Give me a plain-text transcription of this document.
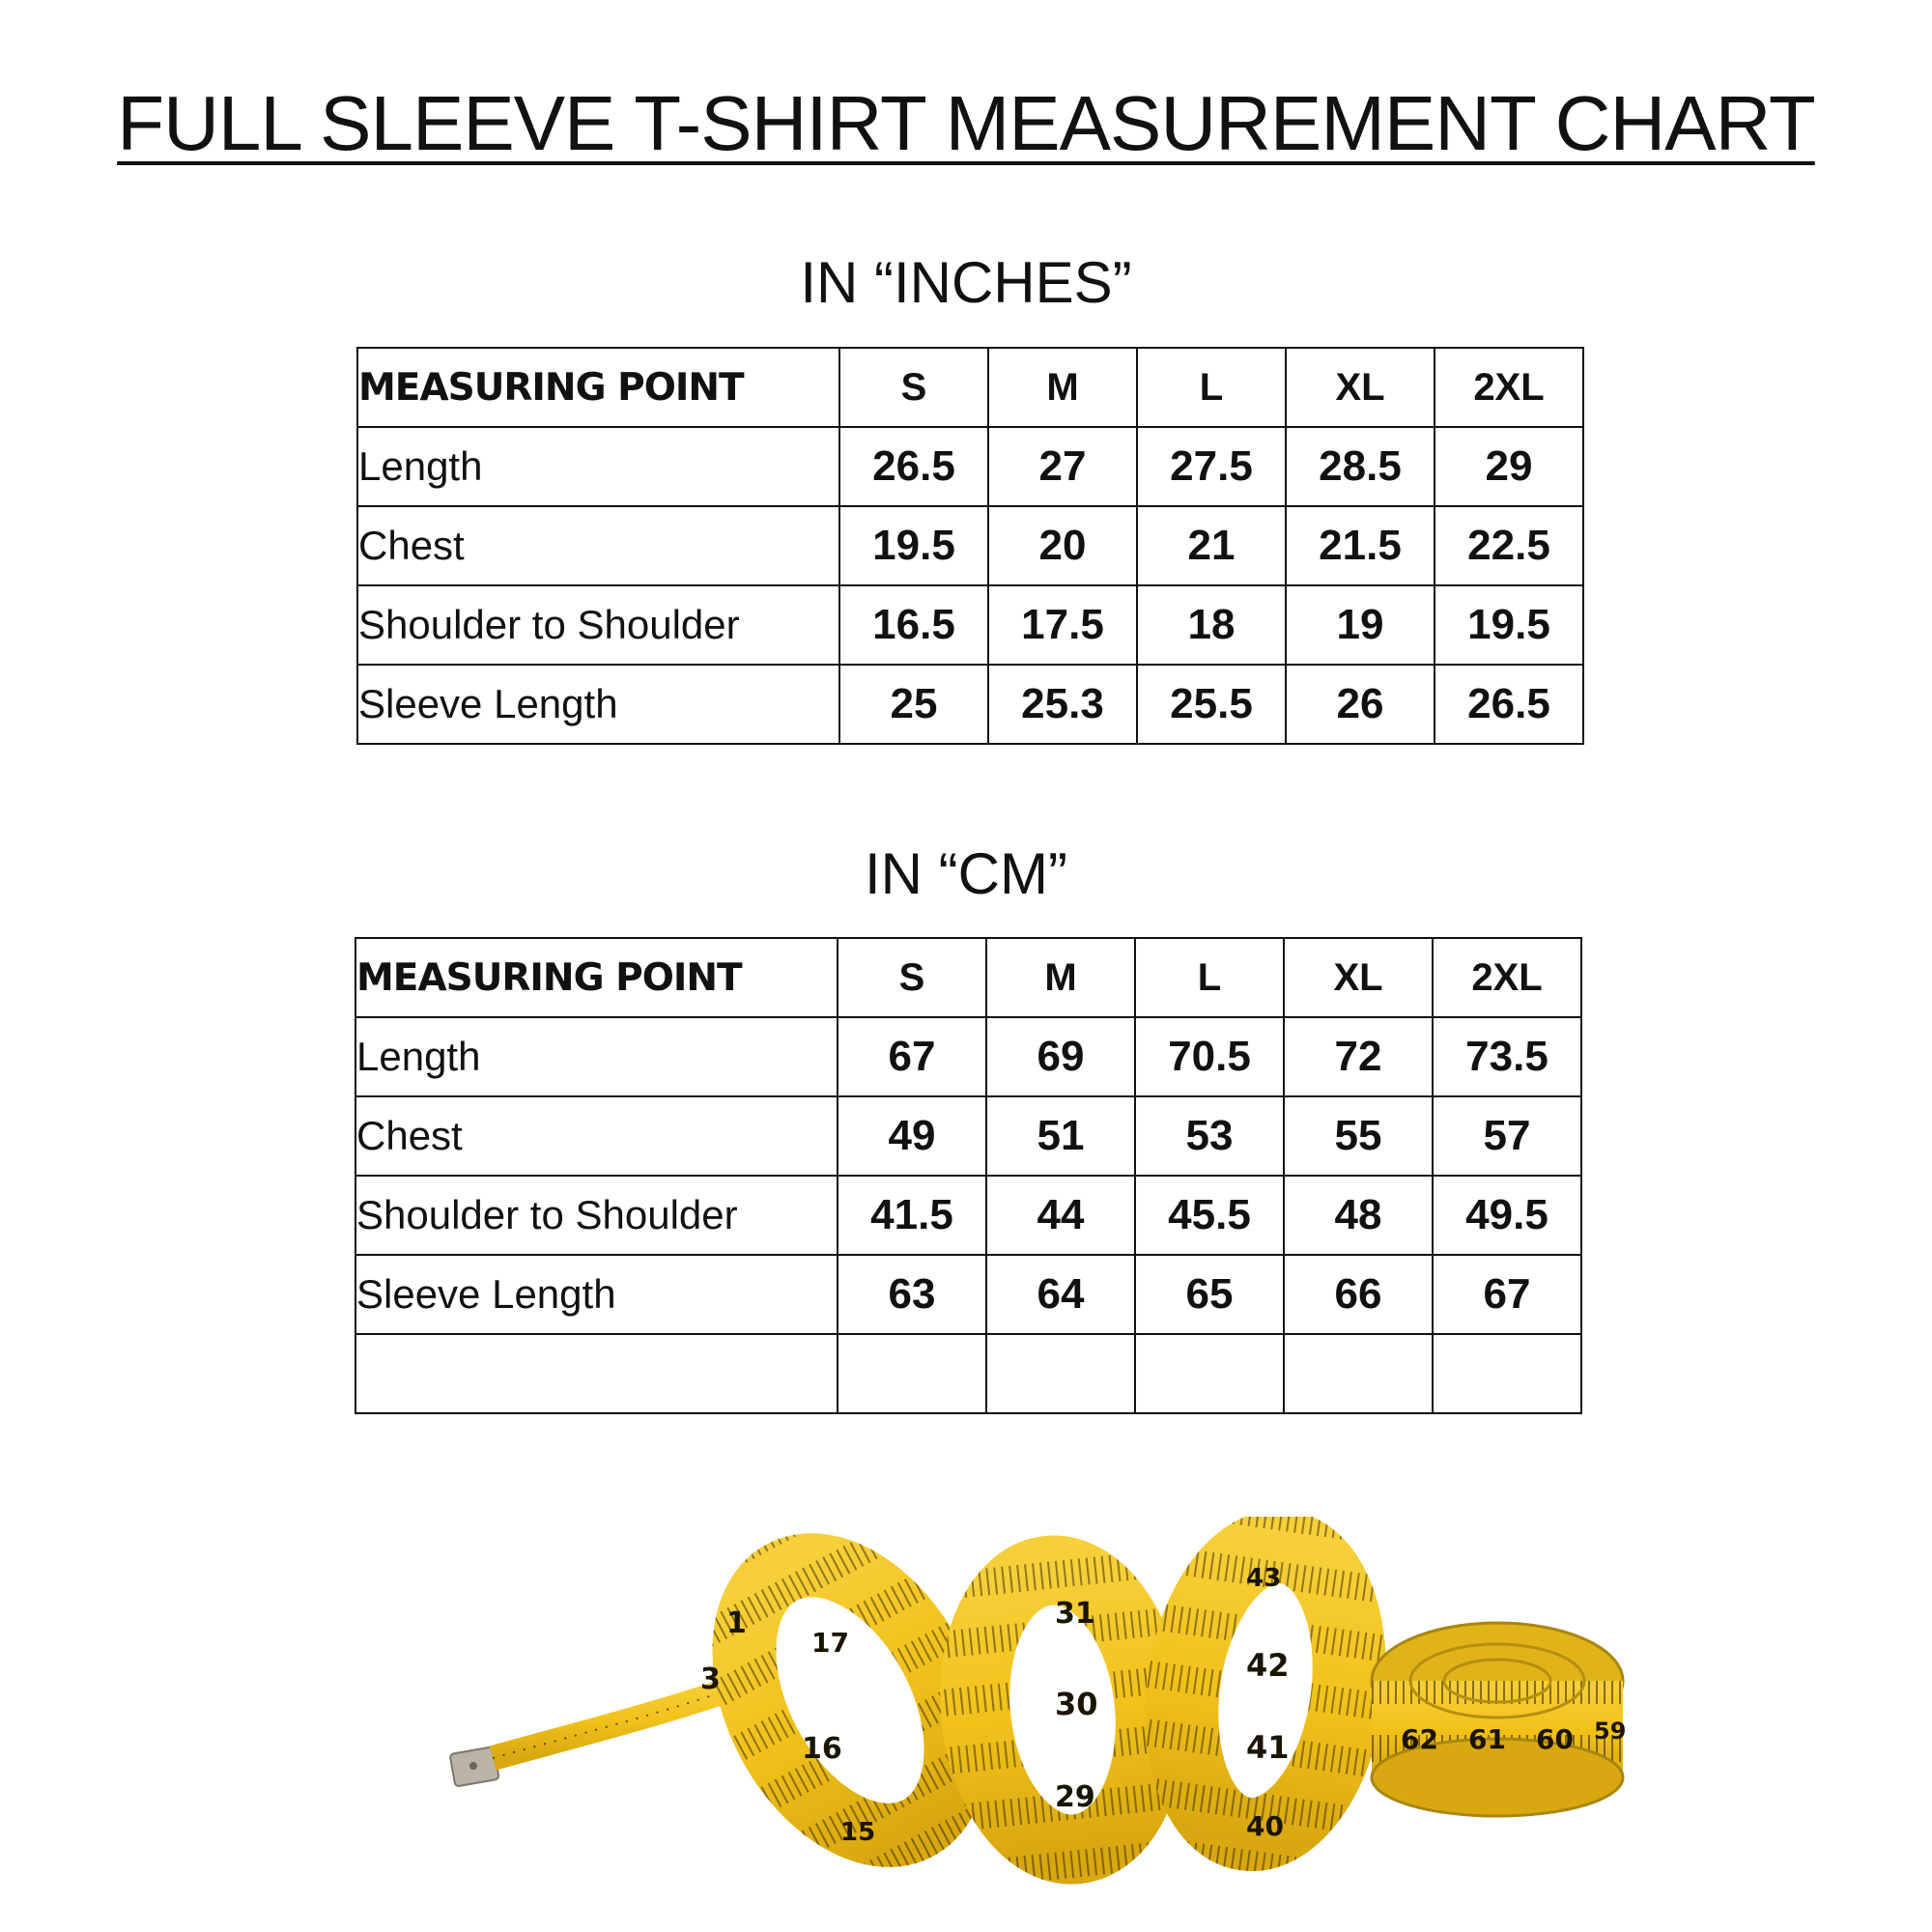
FULL SLEEVE T-SHIRT MEASUREMENT CHART
IN “INCHES”
MEASURING POINT	S	M	L	XL	2XL
Length	26.5	27	27.5	28.5	29
Chest	19.5	20	21	21.5	22.5
Shoulder to Shoulder	16.5	17.5	18	19	19.5
Sleeve Length	25	25.3	25.5	26	26.5
IN “CM”
MEASURING POINT	S	M	L	XL	2XL
Length	67	69	70.5	72	73.5
Chest	49	51	53	55	57
Shoulder to Shoulder	41.5	44	45.5	48	49.5
Sleeve Length	63	64	65	66	67

1
3
16
15
17
31
30
29
43
42
41
40
62 61 60 59
